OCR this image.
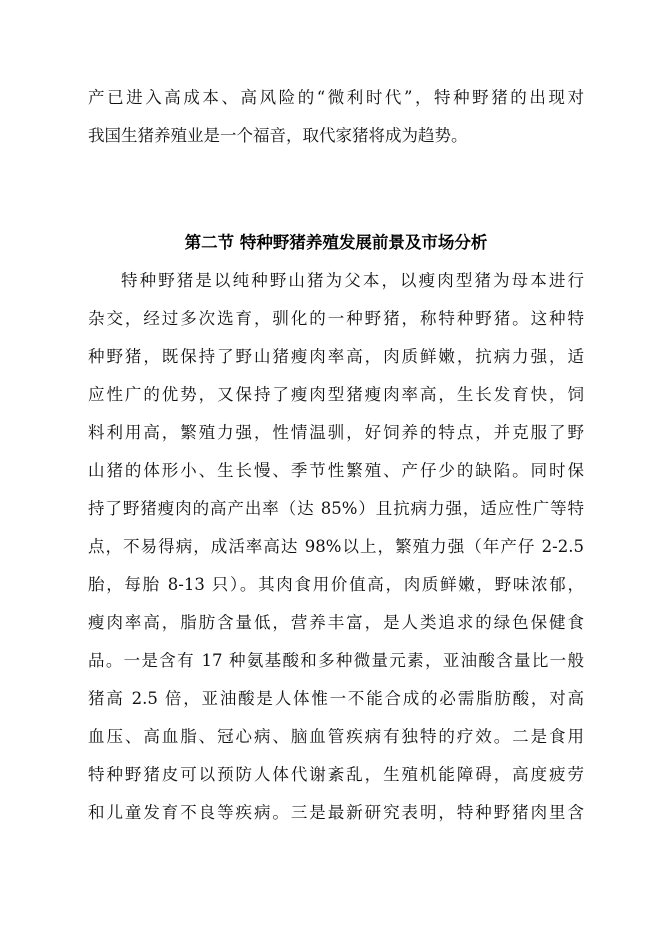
产已进入高成本、高风险的“微利时代”，特种野猪的出现对
我国生猪养殖业是一个福音，取代家猪将成为趋势。
第二节 特种野猪养殖发展前景及市场分析
特种野猪是以纯种野山猪为父本，以瘦肉型猪为母本进行
杂交，经过多次选育，驯化的一种野猪，称特种野猪。这种特
种野猪，既保持了野山猪瘦肉率高，肉质鲜嫩，抗病力强，适
应性广的优势，又保持了瘦肉型猪瘦肉率高，生长发育快，饲
料利用高，繁殖力强，性情温驯，好饲养的特点，并克服了野
山猪的体形小、生长慢、季节性繁殖、产仔少的缺陷。同时保
持了野猪瘦肉的高产出率（达 85%）且抗病力强，适应性广等特
点，不易得病，成活率高达 98%以上，繁殖力强（年产仔 2-2.5
胎，每胎 8-13 只）。其肉食用价值高，肉质鲜嫩，野味浓郁，
瘦肉率高，脂肪含量低，营养丰富，是人类追求的绿色保健食
品。一是含有 17 种氨基酸和多种微量元素，亚油酸含量比一般
猪高 2.5 倍，亚油酸是人体惟一不能合成的必需脂肪酸，对高
血压、高血脂、冠心病、脑血管疾病有独特的疗效。二是食用
特种野猪皮可以预防人体代谢紊乱，生殖机能障碍，高度疲劳
和儿童发育不良等疾病。三是最新研究表明，特种野猪肉里含
